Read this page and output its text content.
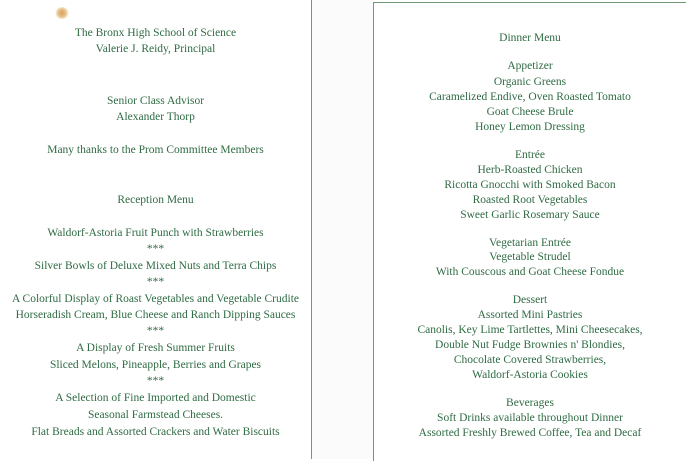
The Bronx High School of Science
Valerie J. Reidy, Principal
Senior Class Advisor
Alexander Thorp
Many thanks to the Prom Committee Members
Reception Menu
Waldorf-Astoria Fruit Punch with Strawberries
***
Silver Bowls of Deluxe Mixed Nuts and Terra Chips
***
A Colorful Display of Roast Vegetables and Vegetable Crudite
Horseradish Cream, Blue Cheese and Ranch Dipping Sauces
***
A Display of Fresh Summer Fruits
Sliced Melons, Pineapple, Berries and Grapes
***
A Selection of Fine Imported and Domestic
Seasonal Farmstead Cheeses.
Flat Breads and Assorted Crackers and Water Biscuits
Dinner Menu
Appetizer
Organic Greens
Caramelized Endive, Oven Roasted Tomato
Goat Cheese Brule
Honey Lemon Dressing
Entrée
Herb-Roasted Chicken
Ricotta Gnocchi with Smoked Bacon
Roasted Root Vegetables
Sweet Garlic Rosemary Sauce
Vegetarian Entrée
Vegetable Strudel
With Couscous and Goat Cheese Fondue
Dessert
Assorted Mini Pastries
Canolis, Key Lime Tartlettes, Mini Cheesecakes,
Double Nut Fudge Brownies n' Blondies,
Chocolate Covered Strawberries,
Waldorf-Astoria Cookies
Beverages
Soft Drinks available throughout Dinner
Assorted Freshly Brewed Coffee, Tea and Decaf
